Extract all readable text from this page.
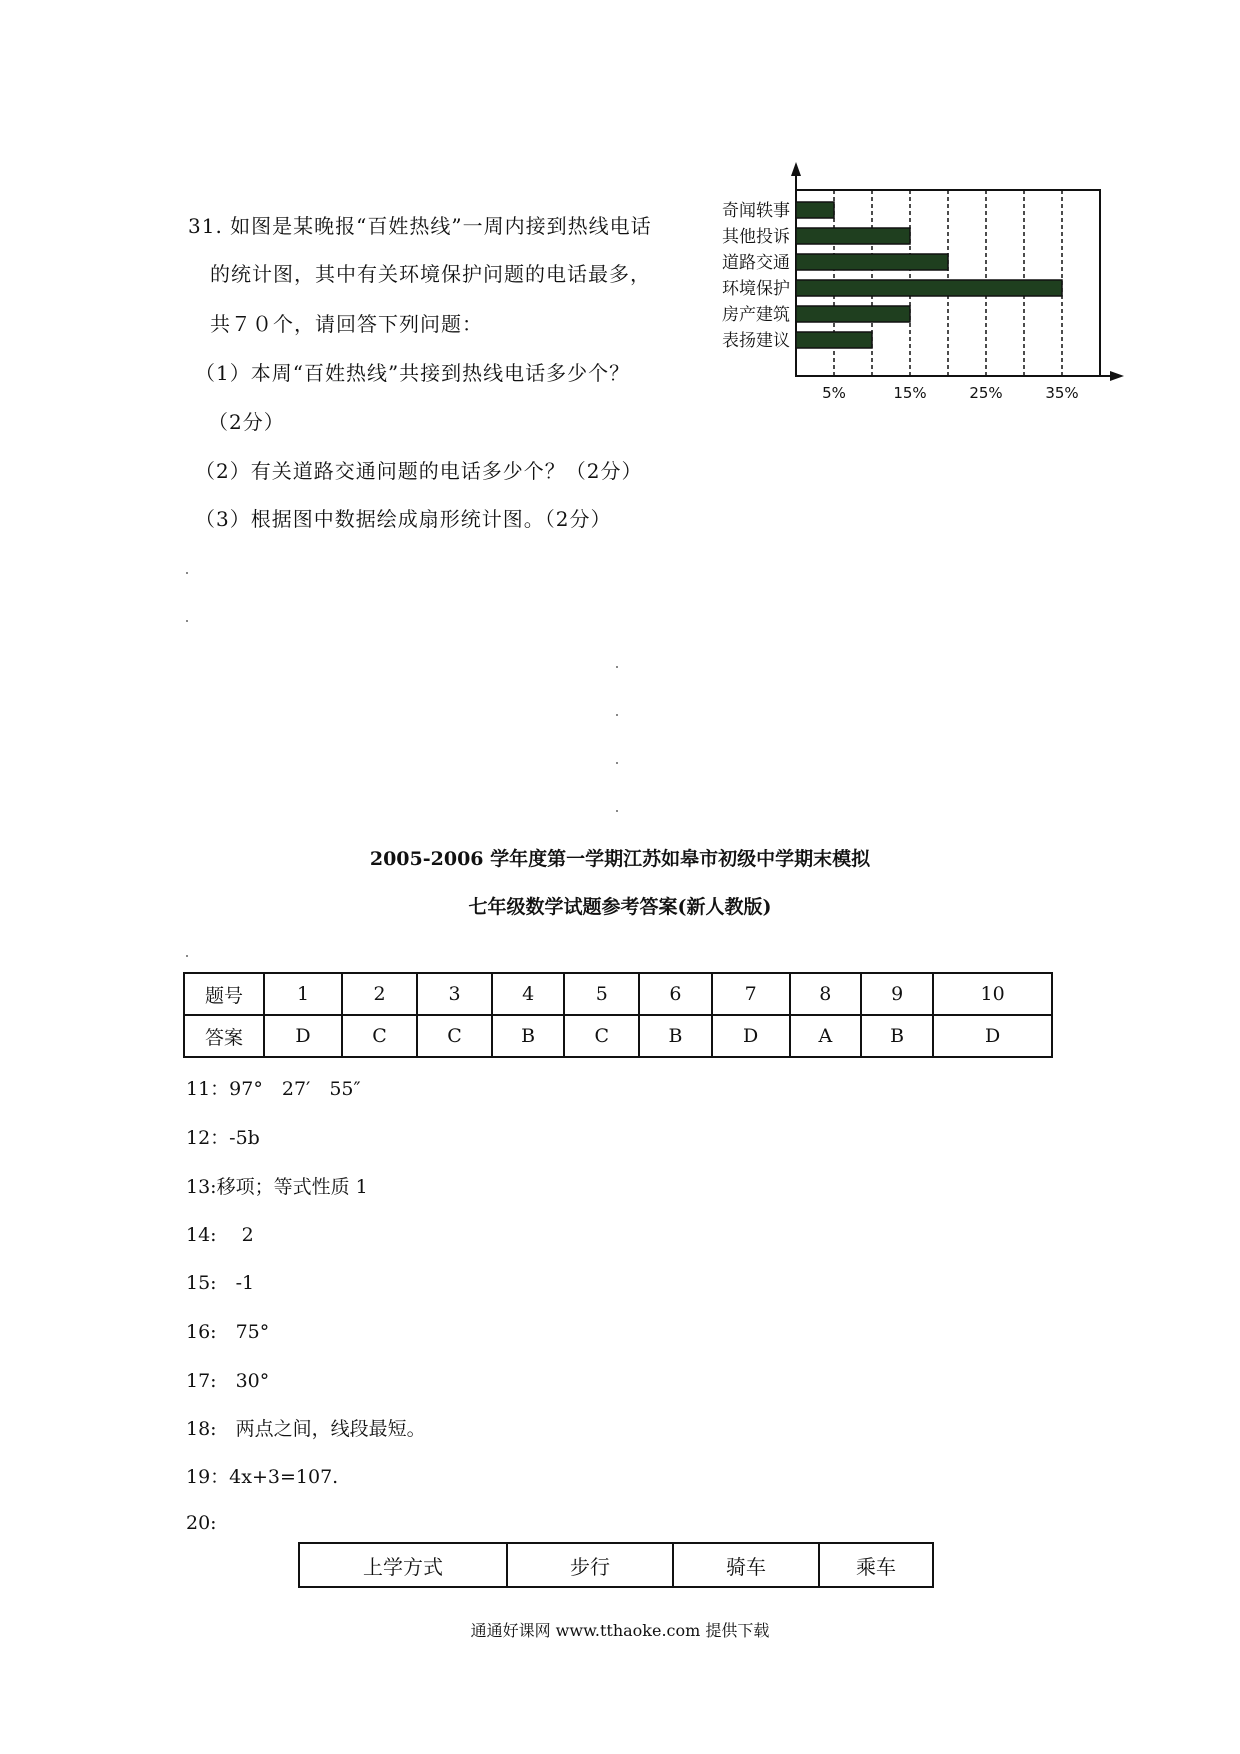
31. 如图是某晚报“百姓热线”一周内接到热线电话
的统计图，其中有关环境保护问题的电话最多，
共７０个，请回答下列问题：
（1）本周“百姓热线”共接到热线电话多少个？
（2分）
（2）有关道路交通问题的电话多少个？（2分）
（3）根据图中数据绘成扇形统计图。（2分）
奇闻轶事
其他投诉
道路交通
环境保护
房产建筑
表扬建议
5%	15%	25%	35%
2005-2006 学年度第一学期江苏如皋市初级中学期末模拟
七年级数学试题参考答案(新人教版)
题号	1	2	3	4	5	6	7	8	9	10
答案	D	C	C	B	C	B	D	A	B	D
11：97°　27′　55″
12：-5b
13:移项；等式性质 1
14:　 2
15:　-1
16:　75°
17:　30°
18:　两点之间，线段最短。
19：4x+3=107.
20:
上学方式	步行	骑车	乘车
通通好课网 www.tthaoke.com 提供下载
